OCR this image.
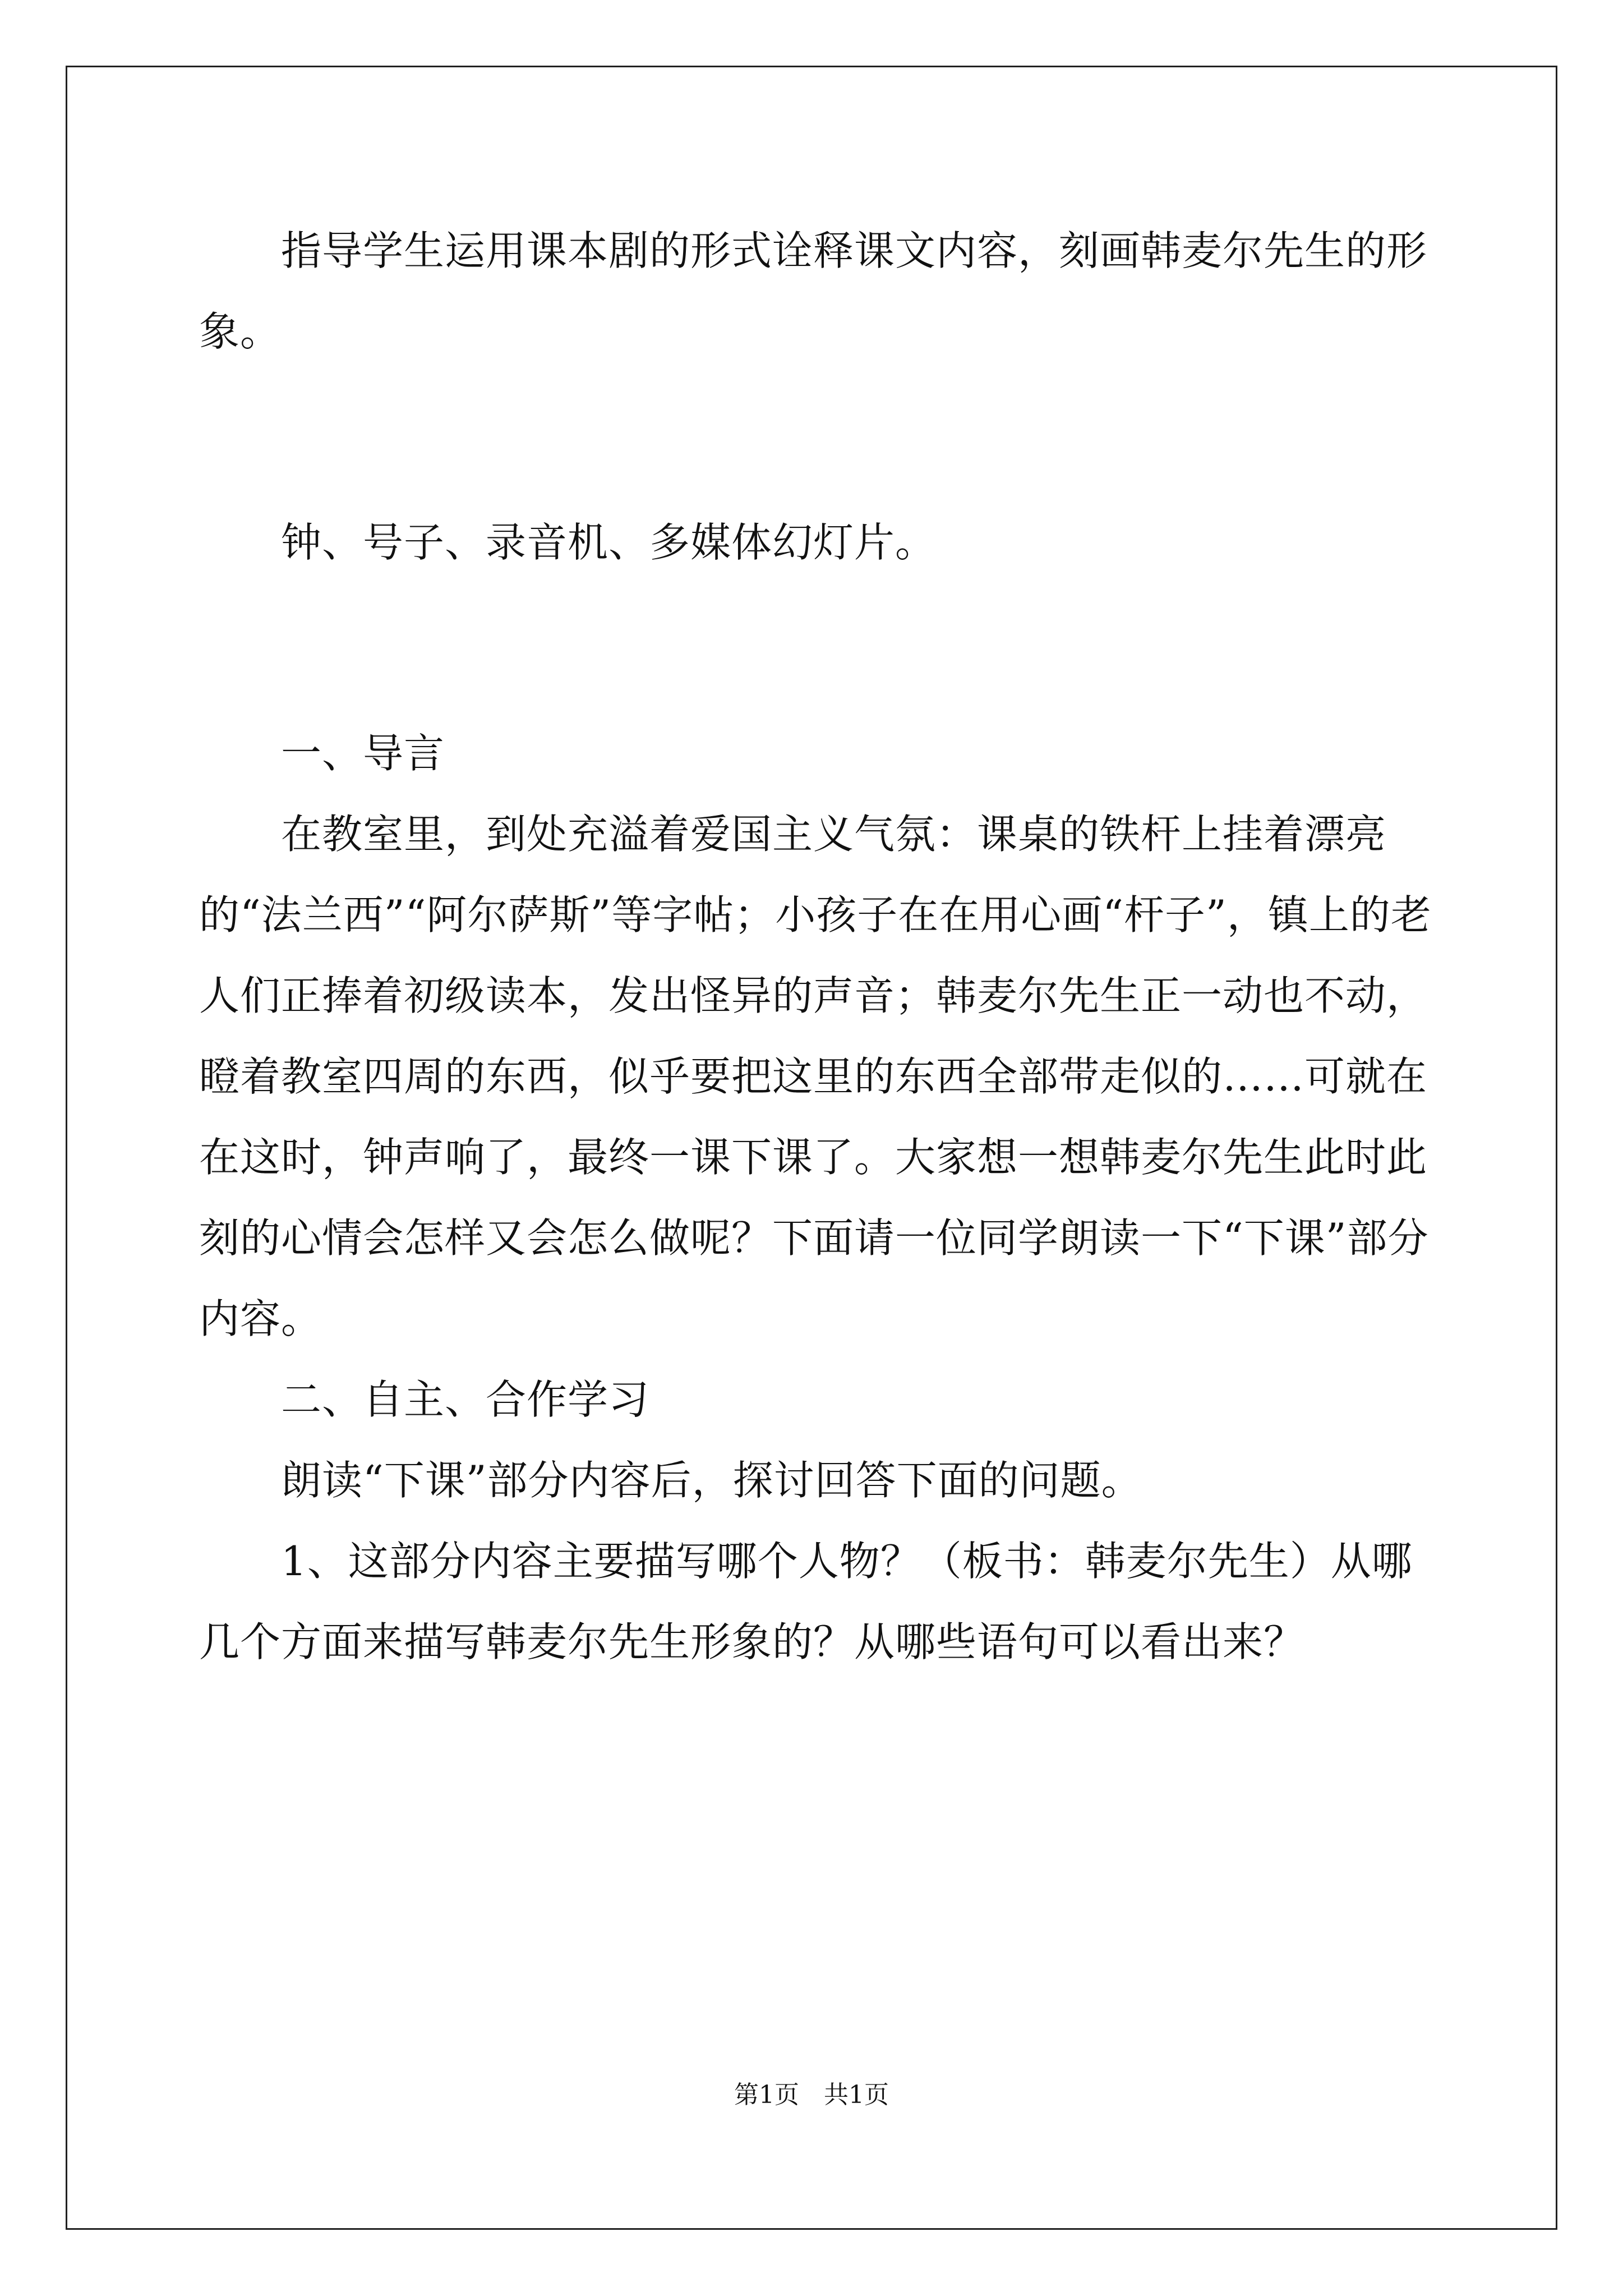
指导学生运用课本剧的形式诠释课文内容，刻画韩麦尔先生的形象。

钟、号子、录音机、多媒体幻灯片。

一、导言

在教室里，到处充溢着爱国主义气氛：课桌的铁杆上挂着漂亮的“法兰西”“阿尔萨斯”等字帖；小孩子在在用心画“杆子”，镇上的老人们正捧着初级读本，发出怪异的声音；韩麦尔先生正一动也不动，瞪着教室四周的东西，似乎要把这里的东西全部带走似的……可就在在这时，钟声响了，最终一课下课了。大家想一想韩麦尔先生此时此刻的心情会怎样又会怎么做呢？下面请一位同学朗读一下“下课”部分内容。

二、自主、合作学习

朗读“下课”部分内容后，探讨回答下面的问题。

1、这部分内容主要描写哪个人物？（板书：韩麦尔先生）从哪几个方面来描写韩麦尔先生形象的？从哪些语句可以看出来？

第1页　共1页
